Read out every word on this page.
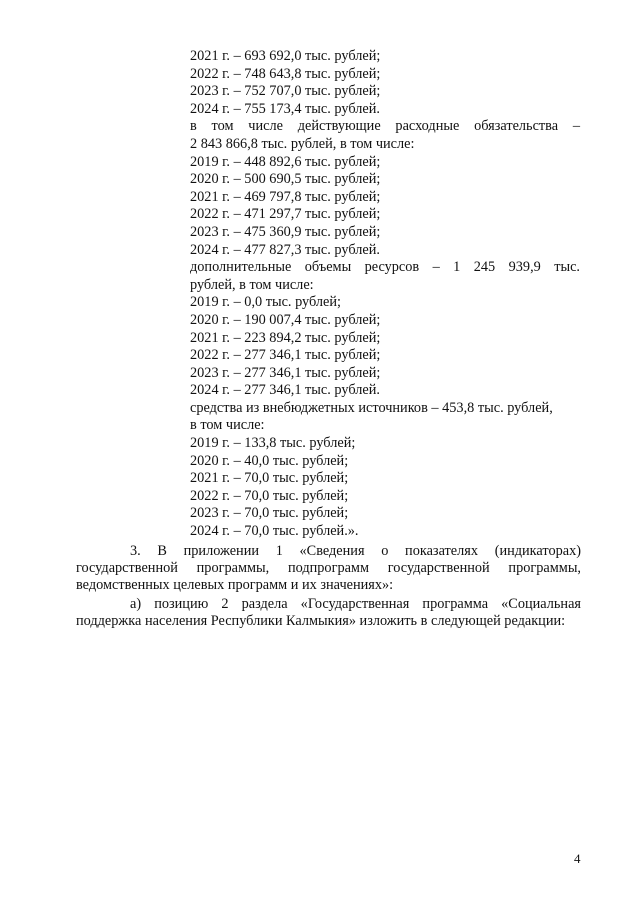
2021 г. – 693 692,0 тыс. рублей;
2022 г. – 748 643,8 тыс. рублей;
2023 г. – 752 707,0 тыс. рублей;
2024 г. – 755 173,4 тыс. рублей.
в том числе действующие расходные обязательства –
2 843 866,8 тыс. рублей, в том числе:
2019 г. – 448 892,6 тыс. рублей;
2020 г. – 500 690,5 тыс. рублей;
2021 г. – 469 797,8 тыс. рублей;
2022 г. – 471 297,7 тыс. рублей;
2023 г. – 475 360,9 тыс. рублей;
2024 г. – 477 827,3 тыс. рублей.
дополнительные объемы ресурсов – 1 245 939,9 тыс.
рублей, в том числе:
2019 г. – 0,0 тыс. рублей;
2020 г. – 190 007,4 тыс. рублей;
2021 г. – 223 894,2 тыс. рублей;
2022 г. – 277 346,1 тыс. рублей;
2023 г. – 277 346,1 тыс. рублей;
2024 г. – 277 346,1 тыс. рублей.
средства из внебюджетных источников – 453,8 тыс. рублей,
в том числе:
2019 г. – 133,8 тыс. рублей;
2020 г. – 40,0 тыс. рублей;
2021 г. – 70,0 тыс. рублей;
2022 г. – 70,0 тыс. рублей;
2023 г. – 70,0 тыс. рублей;
2024 г. – 70,0 тыс. рублей.».

3. В приложении 1 «Сведения о показателях (индикаторах) государственной программы, подпрограмм государственной программы, ведомственных целевых программ и их значениях»:

а) позицию 2 раздела «Государственная программа «Социальная поддержка населения Республики Калмыкия» изложить в следующей редакции:

4
